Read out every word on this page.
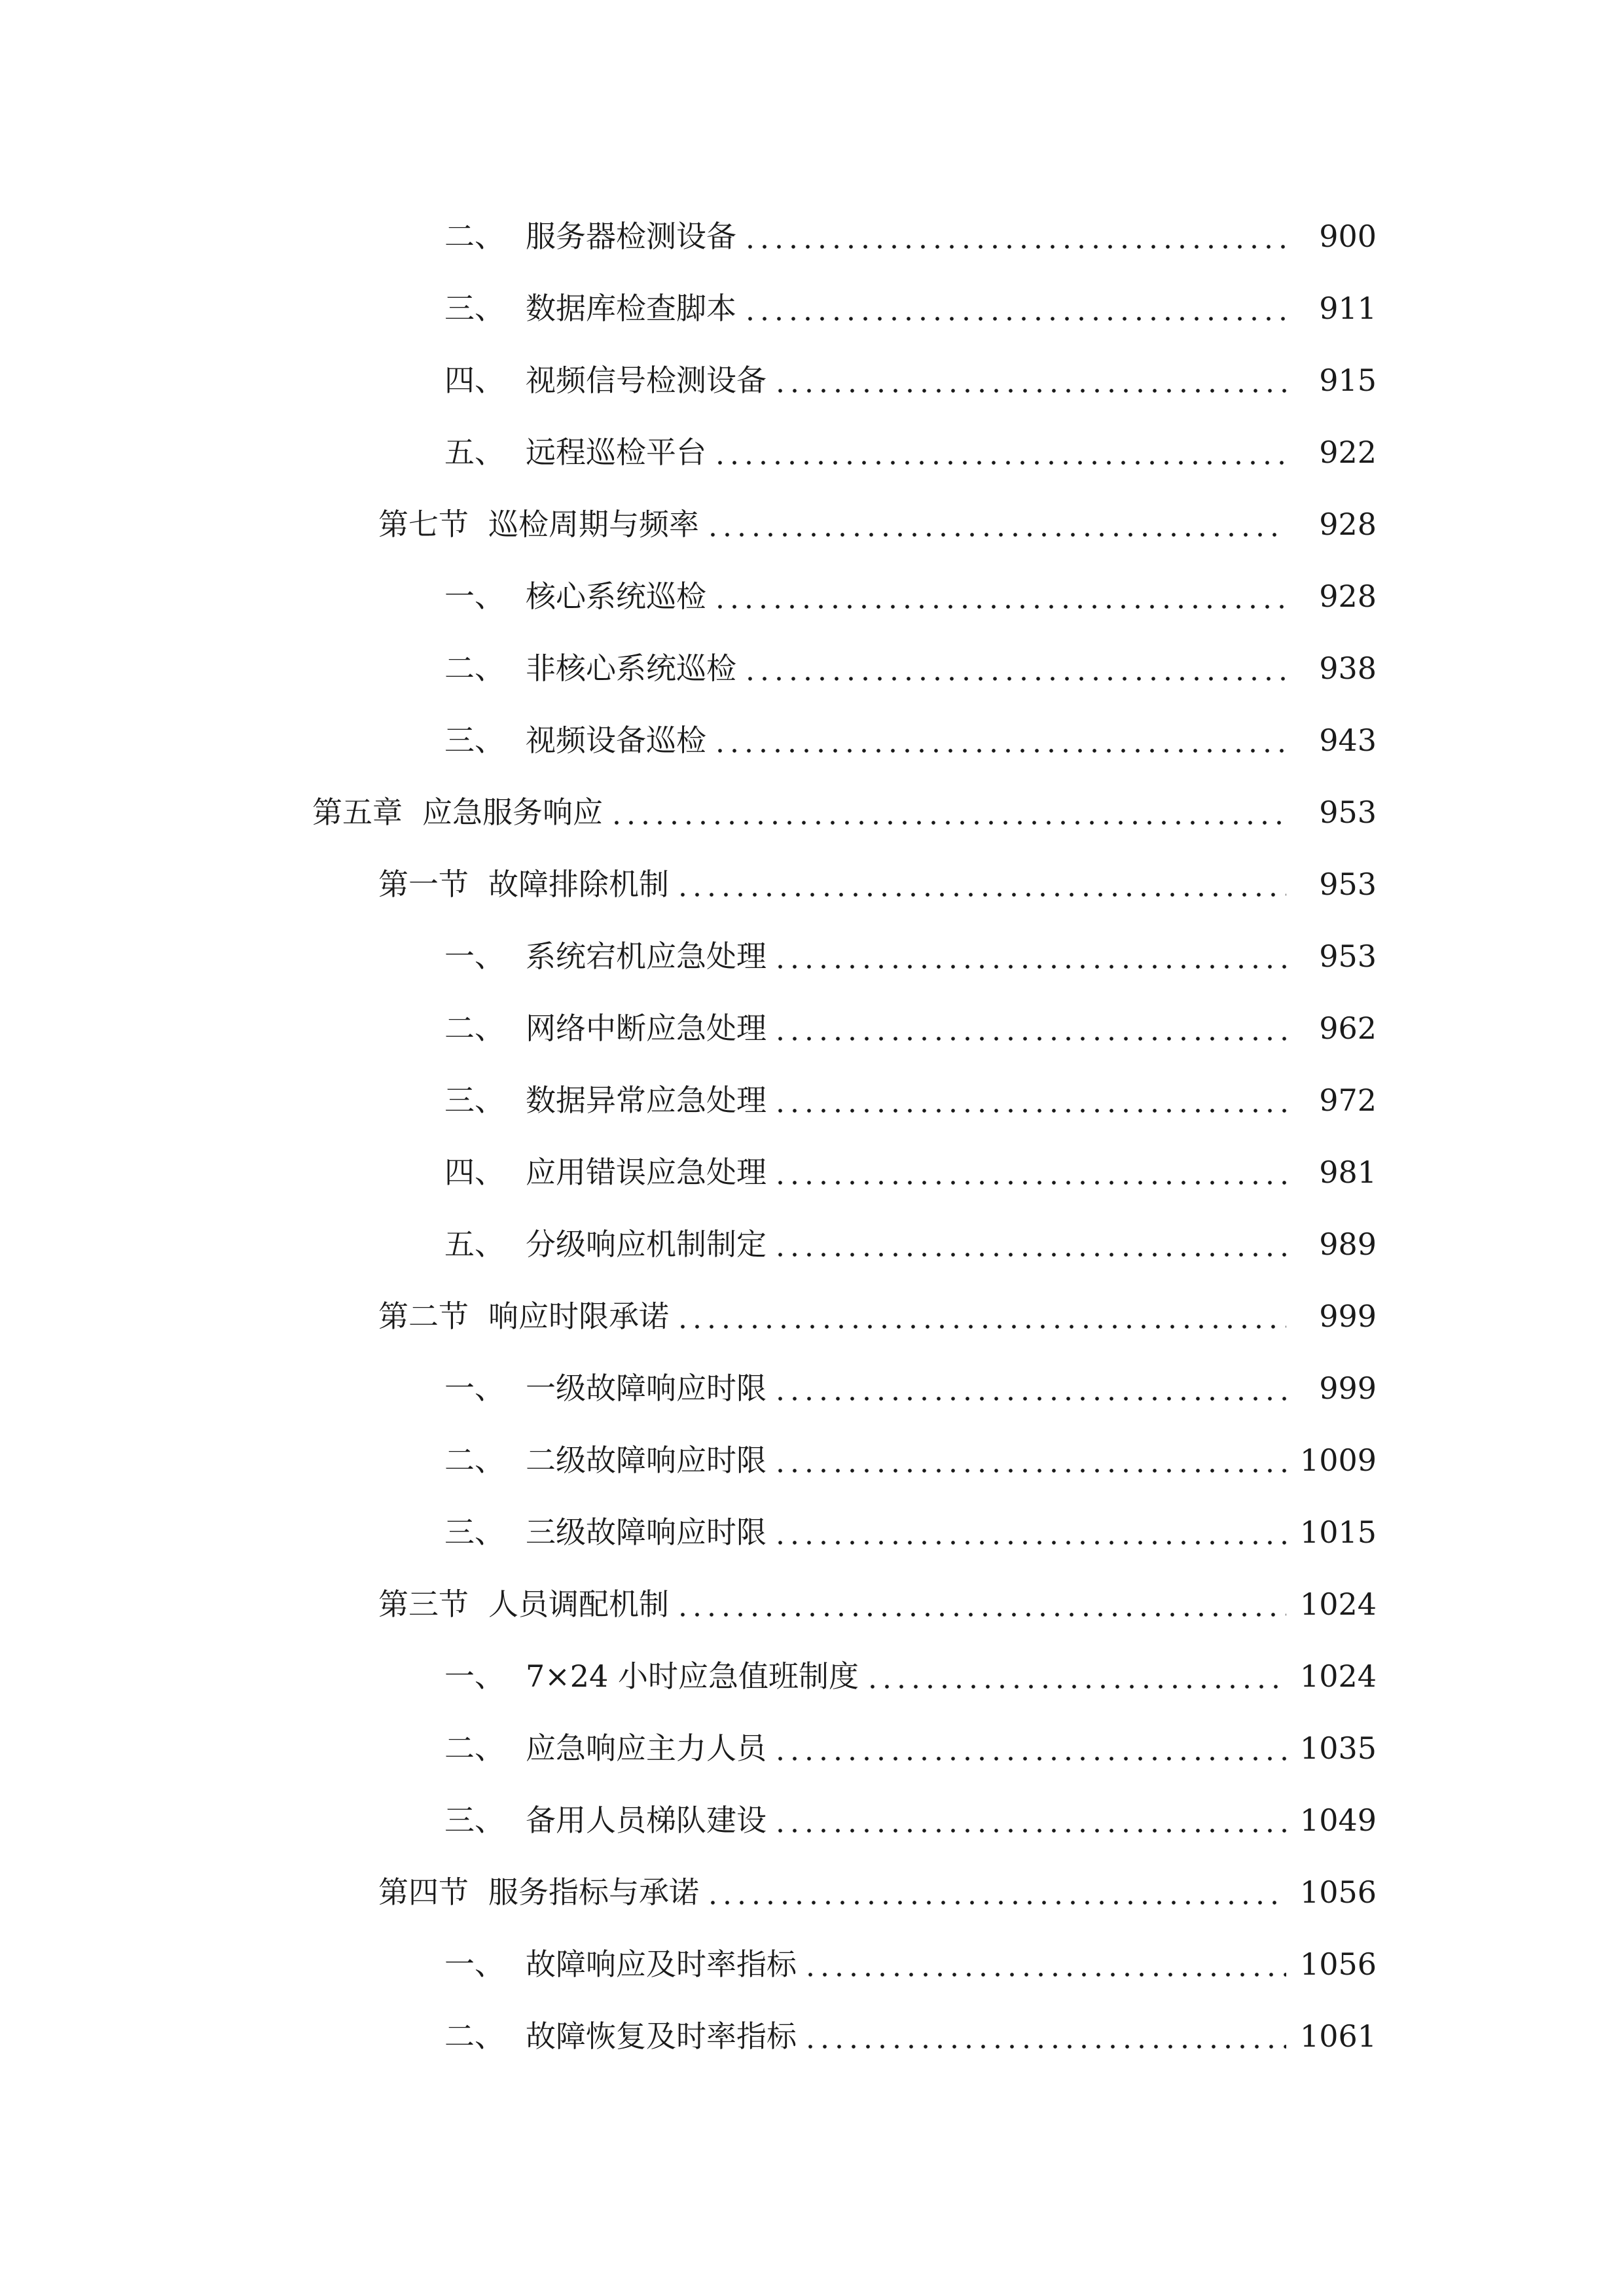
二、 服务器检测设备	900
三、 数据库检查脚本	911
四、 视频信号检测设备	915
五、 远程巡检平台	922
第七节 巡检周期与频率	928
一、 核心系统巡检	928
二、 非核心系统巡检	938
三、 视频设备巡检	943
第五章 应急服务响应	953
第一节 故障排除机制	953
一、 系统宕机应急处理	953
二、 网络中断应急处理	962
三、 数据异常应急处理	972
四、 应用错误应急处理	981
五、 分级响应机制制定	989
第二节 响应时限承诺	999
一、 一级故障响应时限	999
二、 二级故障响应时限	1009
三、 三级故障响应时限	1015
第三节 人员调配机制	1024
一、 7×24 小时应急值班制度	1024
二、 应急响应主力人员	1035
三、 备用人员梯队建设	1049
第四节 服务指标与承诺	1056
一、 故障响应及时率指标	1056
二、 故障恢复及时率指标	1061
